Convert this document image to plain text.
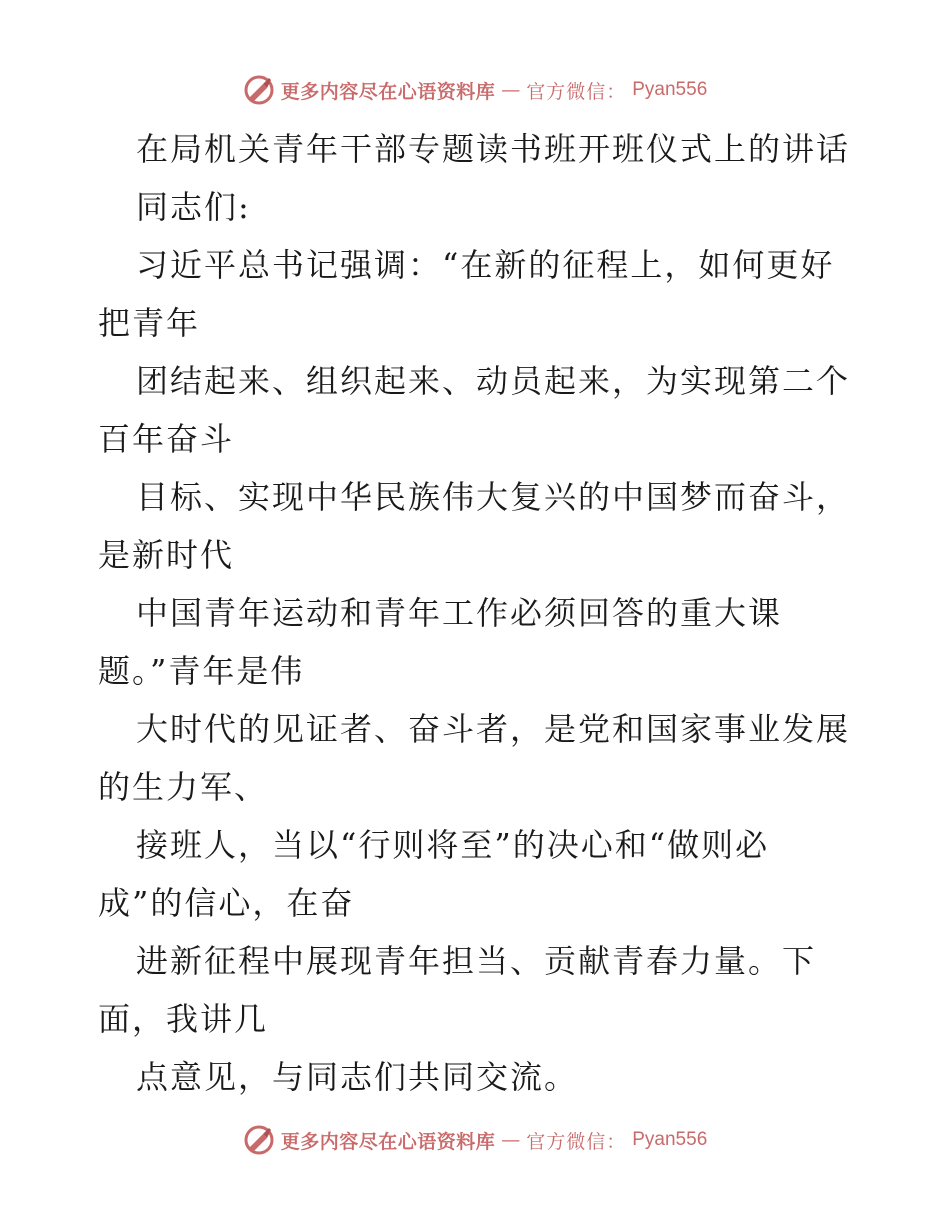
更多内容尽在心语资料库 — 官方微信： Pyan556
在局机关青年干部专题读书班开班仪式上的讲话
同志们:
习近平总书记强调：“在新的征程上，如何更好
把青年
团结起来、组织起来、动员起来，为实现第二个
百年奋斗
目标、实现中华民族伟大复兴的中国梦而奋斗，
是新时代
中国青年运动和青年工作必须回答的重大课
题。”青年是伟
大时代的见证者、奋斗者，是党和国家事业发展
的生力军、
接班人，当以“行则将至”的决心和“做则必
成”的信心，在奋
进新征程中展现青年担当、贡献青春力量。下
面，我讲几
点意见，与同志们共同交流。
更多内容尽在心语资料库 — 官方微信： Pyan556
